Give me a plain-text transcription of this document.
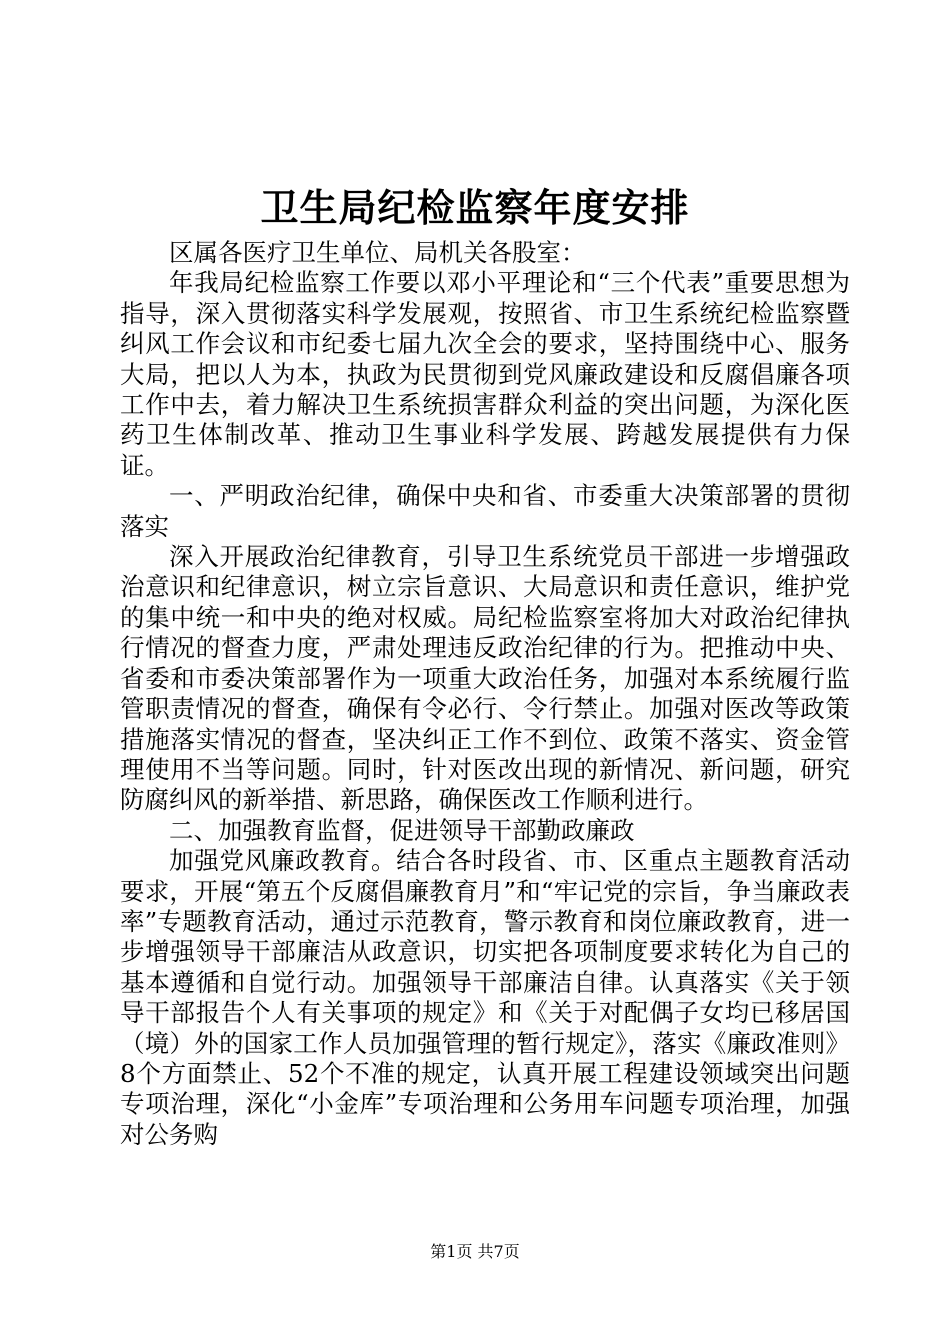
卫生局纪检监察年度安排

区属各医疗卫生单位、局机关各股室：

年我局纪检监察工作要以邓小平理论和“三个代表”重要思想为指导，深入贯彻落实科学发展观，按照省、市卫生系统纪检监察暨纠风工作会议和市纪委七届九次全会的要求，坚持围绕中心、服务大局，把以人为本，执政为民贯彻到党风廉政建设和反腐倡廉各项工作中去，着力解决卫生系统损害群众利益的突出问题，为深化医药卫生体制改革、推动卫生事业科学发展、跨越发展提供有力保证。

一、严明政治纪律，确保中央和省、市委重大决策部署的贯彻落实

深入开展政治纪律教育，引导卫生系统党员干部进一步增强政治意识和纪律意识，树立宗旨意识、大局意识和责任意识，维护党的集中统一和中央的绝对权威。局纪检监察室将加大对政治纪律执行情况的督查力度，严肃处理违反政治纪律的行为。把推动中央、省委和市委决策部署作为一项重大政治任务，加强对本系统履行监管职责情况的督查，确保有令必行、令行禁止。加强对医改等政策措施落实情况的督查，坚决纠正工作不到位、政策不落实、资金管理使用不当等问题。同时，针对医改出现的新情况、新问题，研究防腐纠风的新举措、新思路，确保医改工作顺利进行。

二、加强教育监督，促进领导干部勤政廉政

加强党风廉政教育。结合各时段省、市、区重点主题教育活动要求，开展“第五个反腐倡廉教育月”和“牢记党的宗旨，争当廉政表率”专题教育活动，通过示范教育，警示教育和岗位廉政教育，进一步增强领导干部廉洁从政意识，切实把各项制度要求转化为自己的基本遵循和自觉行动。加强领导干部廉洁自律。认真落实《关于领导干部报告个人有关事项的规定》和《关于对配偶子女均已移居国（境）外的国家工作人员加强管理的暂行规定》，落实《廉政准则》8个方面禁止、52个不准的规定，认真开展工程建设领域突出问题专项治理，深化“小金库”专项治理和公务用车问题专项治理，加强对公务购

第1页 共7页
